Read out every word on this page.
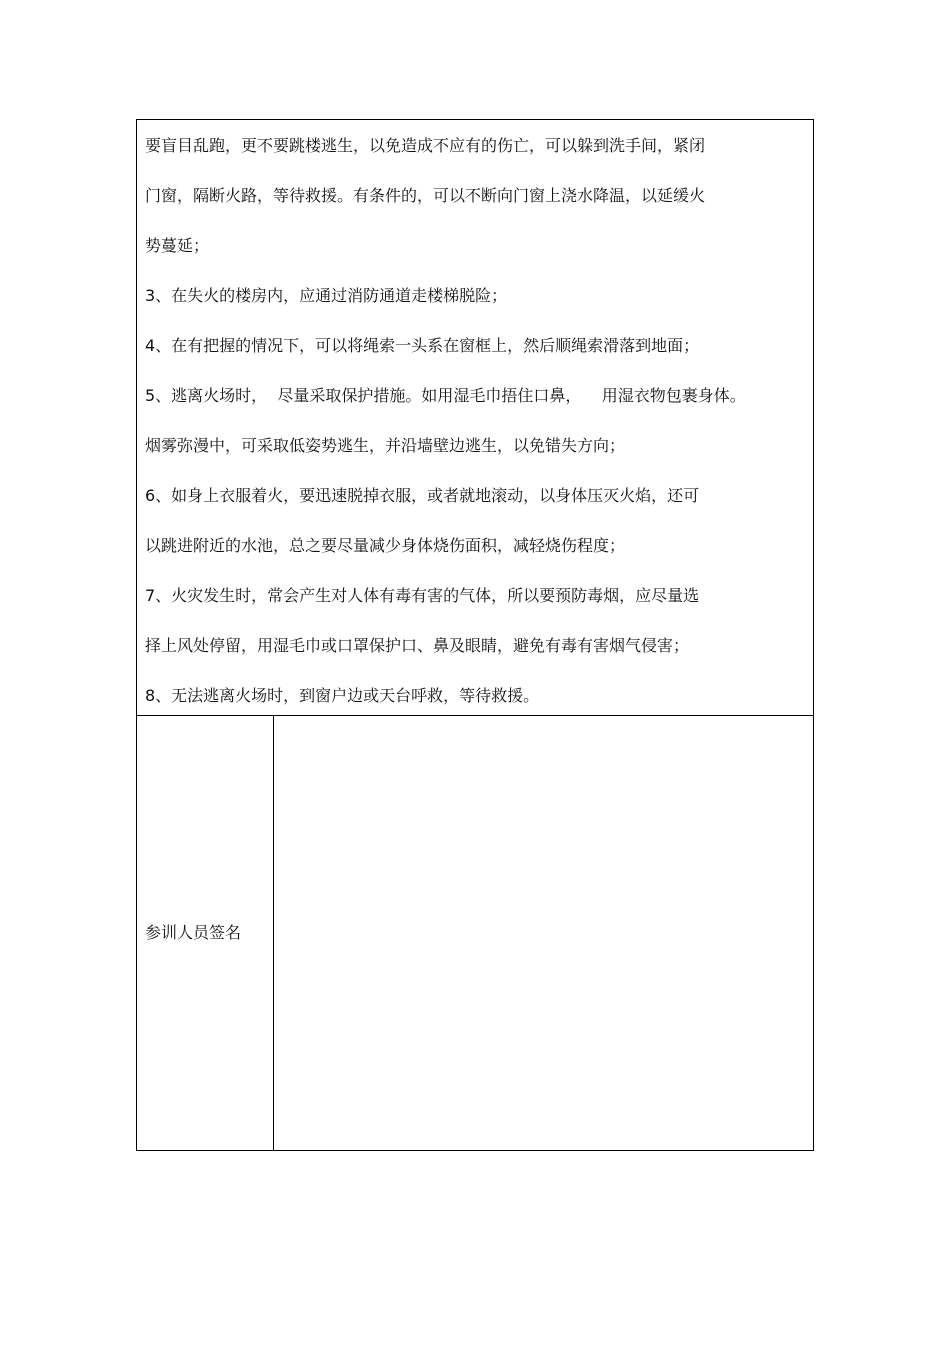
要盲目乱跑，更不要跳楼逃生，以免造成不应有的伤亡，可以躲到洗手间，紧闭
门窗，隔断火路，等待救援。有条件的，可以不断向门窗上浇水降温，以延缓火
势蔓延；
3、在失火的楼房内，应通过消防通道走楼梯脱险；
4、在有把握的情况下，可以将绳索一头系在窗框上，然后顺绳索滑落到地面；
5、逃离火场时，  尽量采取保护措施。如用湿毛巾捂住口鼻，    用湿衣物包裹身体。
烟雾弥漫中，可采取低姿势逃生，并沿墙壁边逃生，以免错失方向；
6、如身上衣服着火，要迅速脱掉衣服，或者就地滚动，以身体压灭火焰，还可
以跳进附近的水池，总之要尽量减少身体烧伤面积，减轻烧伤程度；
7、火灾发生时，常会产生对人体有毒有害的气体，所以要预防毒烟，应尽量选
择上风处停留，用湿毛巾或口罩保护口、鼻及眼睛，避免有毒有害烟气侵害；
8、无法逃离火场时，到窗户边或天台呼救，等待救援。
参训人员签名
